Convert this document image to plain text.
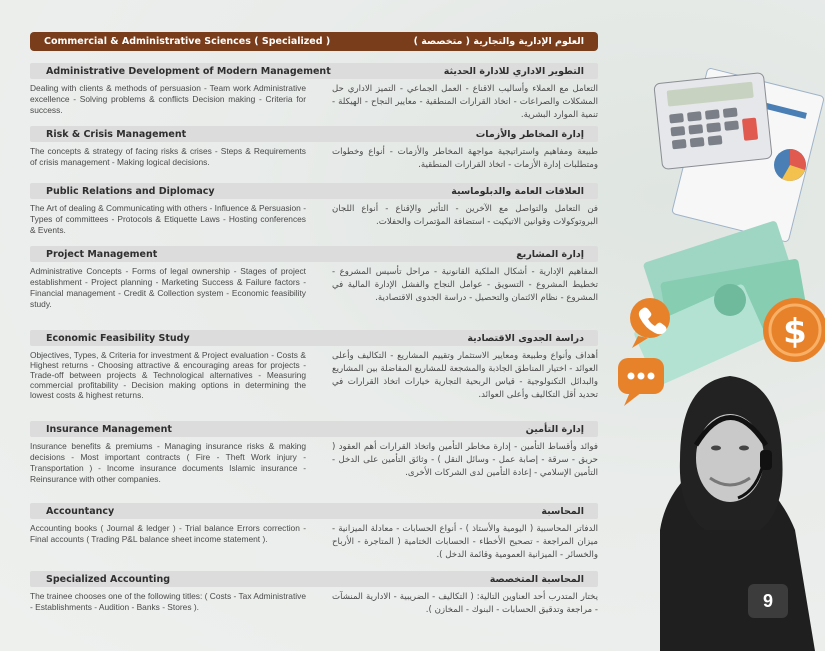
Commercial & Administrative Sciences ( Specialized )	العلوم الإدارية والتجارية ( متخصصة )
Administrative Development of Modern Management	التطوير الاداري للادارة الحديثة
Dealing with clients & methods of persuasion - Team work Administrative excellence - Solving problems & conflicts Decision making - Criteria for success.
التعامل مع العملاء وأساليب الاقناع - العمل الجماعي - التميز الاداري حل المشكلات والصراعات - اتخاذ القرارات المنطقية - معايير النجاح - الهيكلة - تنمية الموارد البشرية.
Risk & Crisis Management	إدارة المخاطر والأزمات
The concepts & strategy of facing risks & crises - Steps & Requirements of crisis management - Making logical decisions.
طبيعة ومفاهيم واستراتيجية مواجهة المخاطر والأزمات - أنواع وخطوات ومتطلبات إدارة الأزمات - اتخاذ القرارات المنطقية.
Public Relations and Diplomacy	العلاقات العامة والدبلوماسية
The Art of dealing & Communicating with others - Influence & Persuasion - Types of committees - Protocols & Etiquette Laws - Hosting conferences & Events.
فن التعامل والتواصل مع الآخرين - التأثير والإقناع - أنواع اللجان البروتوكولات وقوانين الاتيكيت - استضافة المؤتمرات والحفلات.
Project Management	إدارة المشاريع
Administrative Concepts - Forms of legal ownership - Stages of project establishment - Project planning - Marketing Success & Failure factors - Financial management - Credit & Collection system - Economic feasibility study.
المفاهيم الإدارية - أشكال الملكية القانونية - مراحل تأسيس المشروع - تخطيط المشروع - التسويق - عوامل النجاح والفشل الإدارة المالية في المشروع - نظام الائتمان والتحصيل - دراسة الجدوى الاقتصادية.
Economic Feasibility Study	دراسة الجدوى الاقتصادية
Objectives, Types, & Criteria for investment & Project evaluation - Costs & Highest returns - Choosing attractive & encouraging areas for projects - Trade-off between projects & Technological alternatives - Measuring commercial profitability - Decision making options in determining the lowest costs & highest returns.
أهداف وأنواع وطبيعة ومعايير الاستثمار وتقييم المشاريع - التكاليف وأعلى العوائد - اختيار المناطق الجاذبة والمشجعة للمشاريع المفاضلة بين المشاريع والبدائل التكنولوجية - قياس الربحية التجارية خيارات اتخاذ القرارات في تحديد أقل التكاليف وأعلى العوائد.
Insurance Management	إدارة التأمين
Insurance benefits & premiums - Managing insurance risks & making decisions - Most important contracts ( Fire - Theft Work injury - Transportation ) - Income insurance documents Islamic insurance - Reinsurance with other companies.
فوائد وأقساط التأمين - إدارة مخاطر التأمين واتخاذ القرارات أهم العقود ( حريق - سرقة - إصابة عمل - وسائل النقل ) - وثائق التأمين على الدخل - التأمين الإسلامي - إعادة التأمين لدى الشركات الأخرى.
Accountancy	المحاسبة
Accounting books ( Journal & ledger ) - Trial balance Errors correction - Final accounts ( Trading P&L balance sheet income statement ).
الدفاتر المحاسبية ( اليومية والأستاذ ) - أنواع الحسابات - معادلة الميزانية - ميزان المراجعة - تصحيح الأخطاء - الحسابات الختامية ( المتاجرة - الأرباح والخسائر - الميزانية العمومية وقائمة الدخل ).
Specialized Accounting	المحاسبة المتخصصة
The trainee chooses one of the following titles: ( Costs - Tax Administrative - Establishments - Audition - Banks - Stores ).
يختار المتدرب أحد العناوين التالية: ( التكاليف - الضريبية - الادارية المنشآت - مراجعة وتدقيق الحسابات - البنوك - المخازن ).
$
9
